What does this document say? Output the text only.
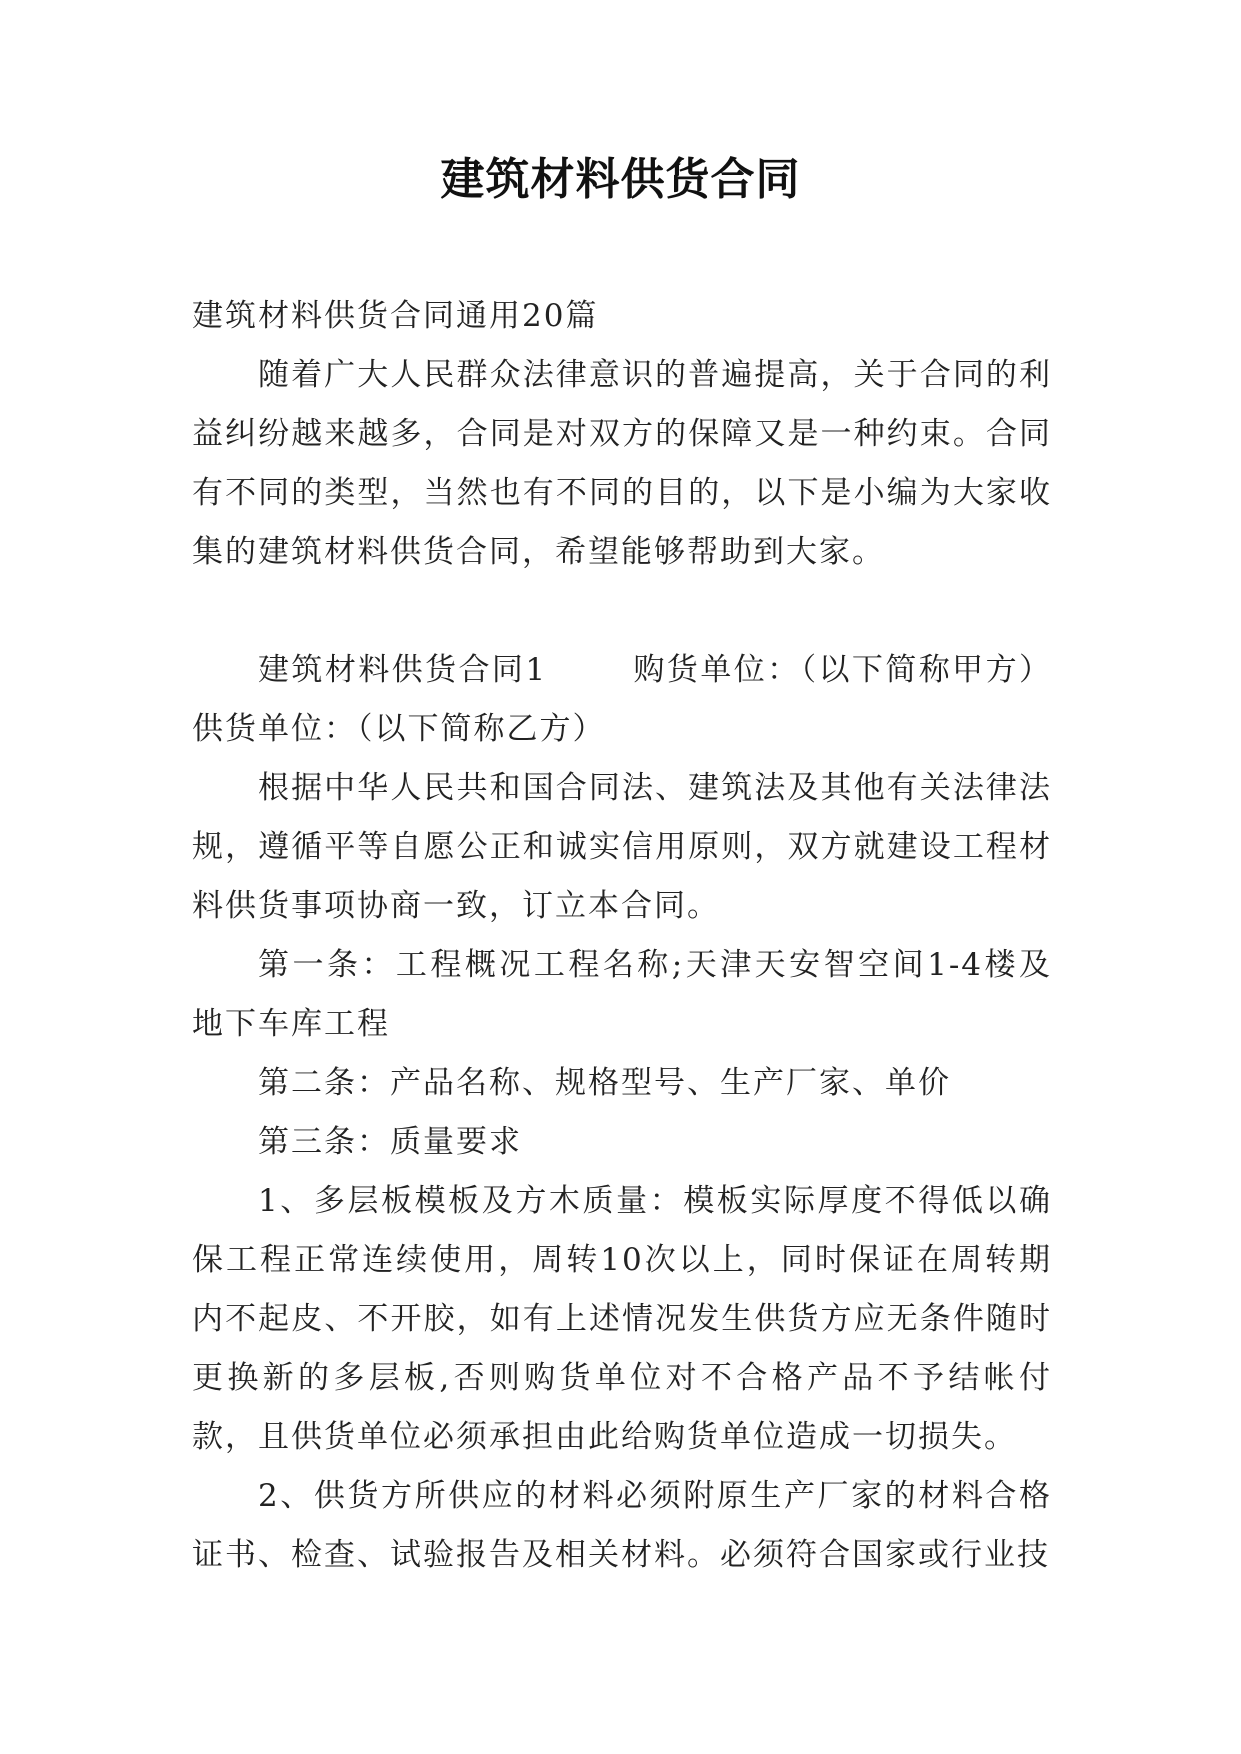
建筑材料供货合同

建筑材料供货合同通用20篇

随着广大人民群众法律意识的普遍提高，关于合同的利益纠纷越来越多，合同是对双方的保障又是一种约束。合同有不同的类型，当然也有不同的目的，以下是小编为大家收集的建筑材料供货合同，希望能够帮助到大家。

建筑材料供货合同1	购货单位：（以下简称甲方）供货单位：（以下简称乙方）

根据中华人民共和国合同法、建筑法及其他有关法律法规，遵循平等自愿公正和诚实信用原则，双方就建设工程材料供货事项协商一致，订立本合同。

第一条：工程概况工程名称;天津天安智空间1-4楼及地下车库工程

第二条：产品名称、规格型号、生产厂家、单价

第三条：质量要求

1、多层板模板及方木质量：模板实际厚度不得低以确保工程正常连续使用，周转10次以上，同时保证在周转期内不起皮、不开胶，如有上述情况发生供货方应无条件随时更换新的多层板,否则购货单位对不合格产品不予结帐付款，且供货单位必须承担由此给购货单位造成一切损失。

2、供货方所供应的材料必须附原生产厂家的材料合格证书、检查、试验报告及相关材料。必须符合国家或行业技
